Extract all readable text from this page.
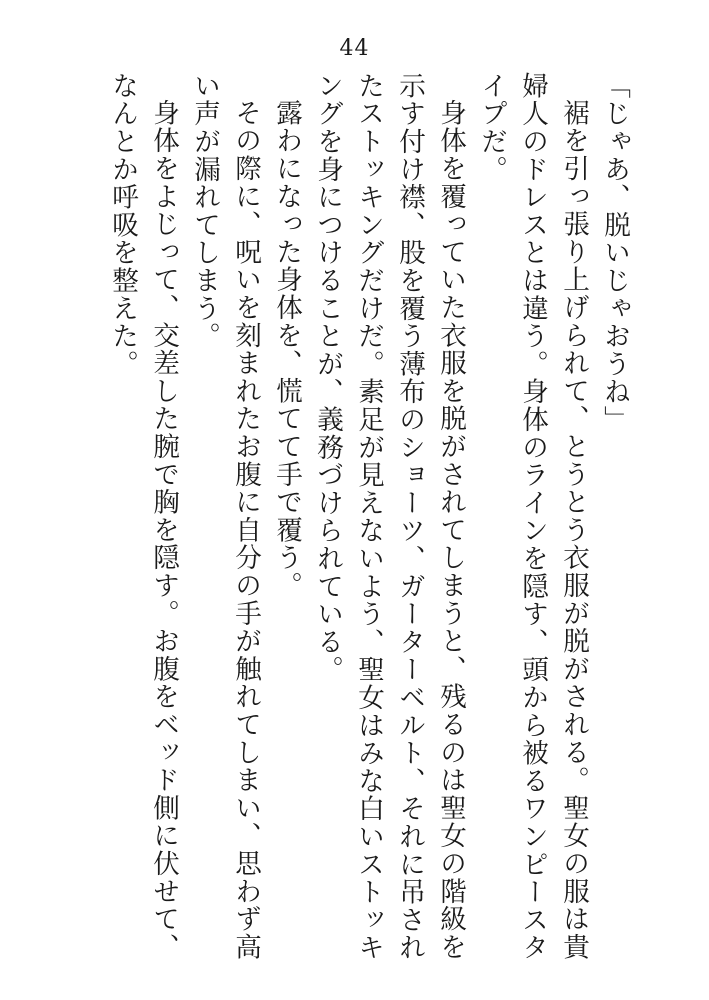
44

「じゃあ、脱いじゃおうね」

裾を引っ張り上げられて、とうとう衣服が脱がされる。聖女の服は貴婦人のドレスとは違う。身体のラインを隠す、頭から被るワンピースタイプだ。

身体を覆っていた衣服を脱がされてしまうと、残るのは聖女の階級を示す付け襟、股を覆う薄布のショーツ、ガーターベルト、それに吊されたストッキングだけだ。素足が見えないよう、聖女はみな白いストッキングを身につけることが、義務づけられている。

露わになった身体を、慌てて手で覆う。

その際に、呪いを刻まれたお腹に自分の手が触れてしまい、思わず高い声が漏れてしまう。

身体をよじって、交差した腕で胸を隠す。お腹をベッド側に伏せて、なんとか呼吸を整えた。
